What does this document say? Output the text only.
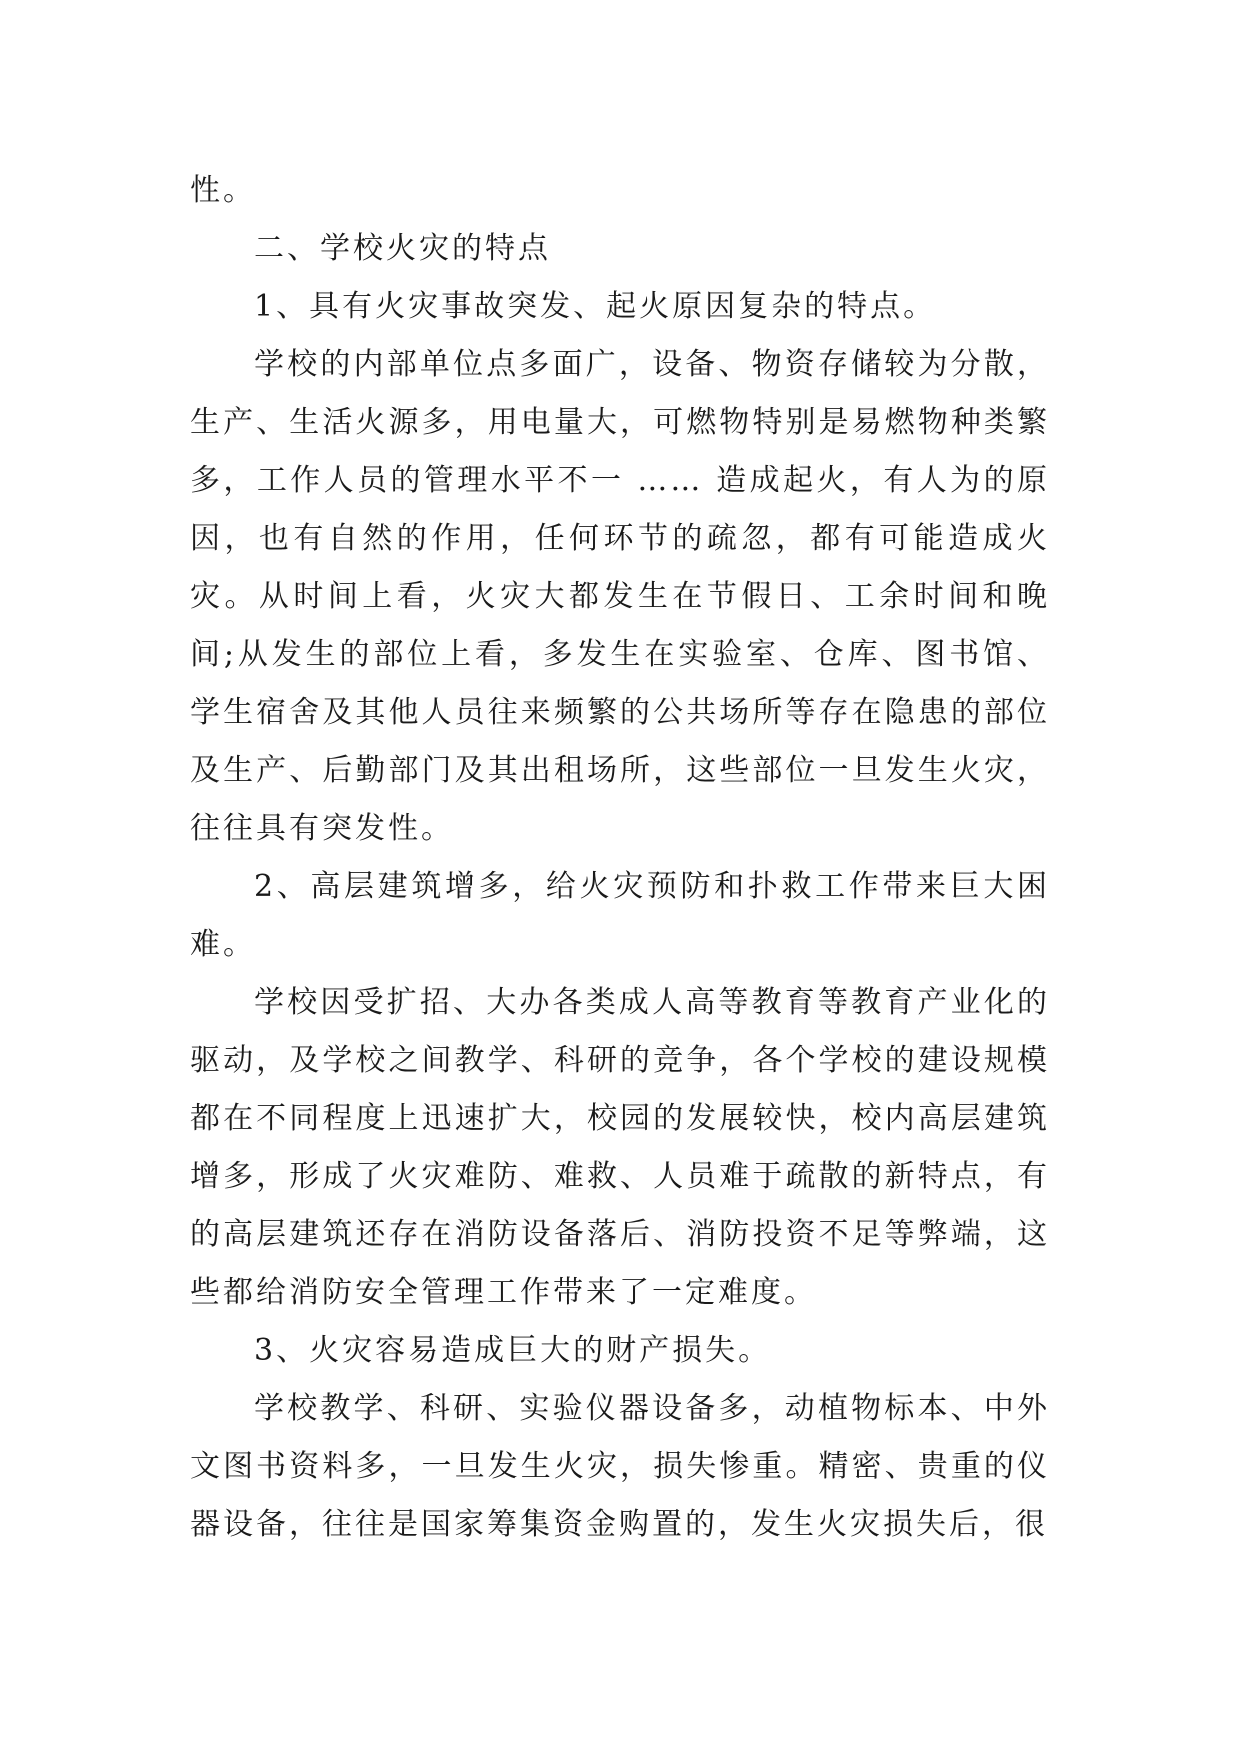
性。

二、学校火灾的特点

1、具有火灾事故突发、起火原因复杂的特点。

学校的内部单位点多面广，设备、物资存储较为分散，生产、生活火源多，用电量大，可燃物特别是易燃物种类繁多，工作人员的管理水平不一 …… 造成起火，有人为的原因，也有自然的作用，任何环节的疏忽，都有可能造成火灾。从时间上看，火灾大都发生在节假日、工余时间和晚间;从发生的部位上看，多发生在实验室、仓库、图书馆、学生宿舍及其他人员往来频繁的公共场所等存在隐患的部位及生产、后勤部门及其出租场所，这些部位一旦发生火灾，往往具有突发性。

2、高层建筑增多，给火灾预防和扑救工作带来巨大困难。

学校因受扩招、大办各类成人高等教育等教育产业化的驱动，及学校之间教学、科研的竞争，各个学校的建设规模都在不同程度上迅速扩大，校园的发展较快，校内高层建筑增多，形成了火灾难防、难救、人员难于疏散的新特点，有的高层建筑还存在消防设备落后、消防投资不足等弊端，这些都给消防安全管理工作带来了一定难度。

3、火灾容易造成巨大的财产损失。

学校教学、科研、实验仪器设备多，动植物标本、中外文图书资料多，一旦发生火灾，损失惨重。精密、贵重的仪器设备，往往是国家筹集资金购置的，发生火灾损失后，很
